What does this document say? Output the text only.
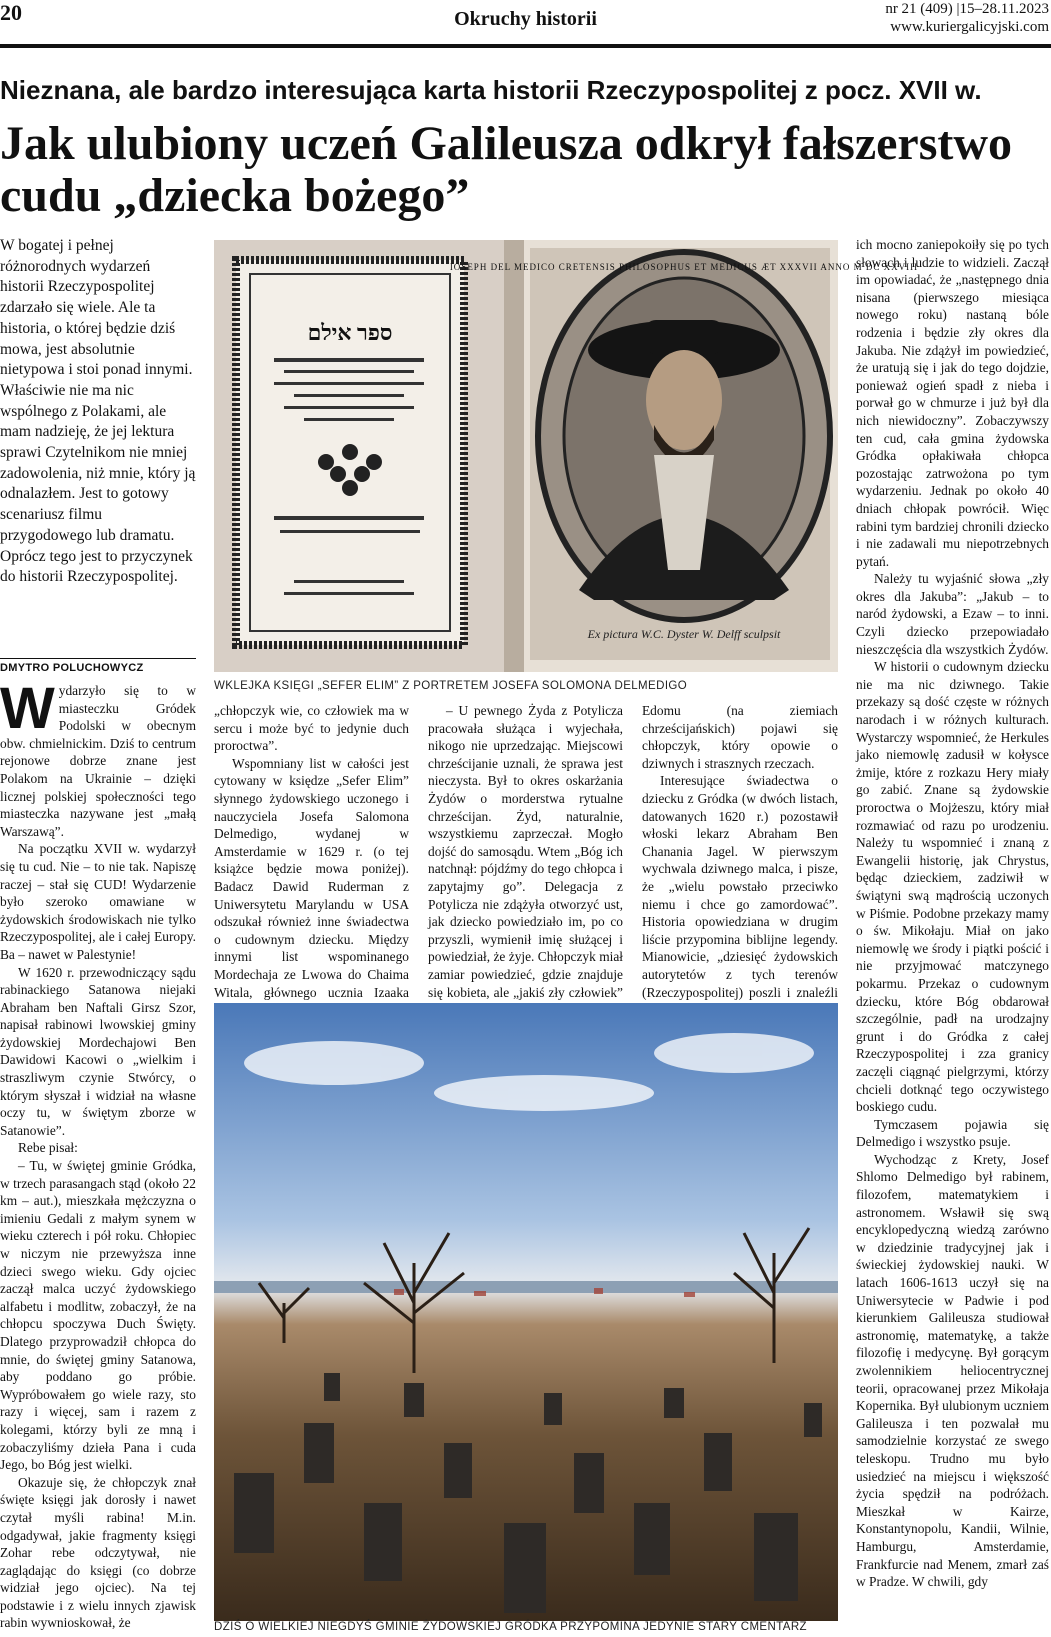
20	Okruchy historii	nr 21 (409) |15–28.11.2023
www.kuriergalicyjski.com
Nieznana, ale bardzo interesująca karta historii Rzeczypospolitej z pocz. XVII w.
Jak ulubiony uczeń Galileusza odkrył fałszerstwo cudu „dziecka bożego”
W bogatej i pełnej różnorodnych wydarzeń historii Rzeczypospolitej zdarzało się wiele. Ale ta historia, o której będzie dziś mowa, jest absolutnie nietypowa i stoi ponad innymi. Właściwie nie ma nic wspólnego z Polakami, ale mam nadzieję, że jej lektura sprawi Czytelnikom nie mniej zadowolenia, niż mnie, który ją odnalazłem. Jest to gotowy scenariusz filmu przygodowego lub dramatu. Oprócz tego jest to przyczynek do historii Rzeczypospolitej.
DMYTRO POLUCHOWYCZ

Wydarzyło się to w miasteczku Gródek Podolski w obecnym obw. chmielnickim. Dziś to centrum rejonowe dobrze znane jest Polakom na Ukrainie – dzięki licznej polskiej społeczności tego miasteczka nazywane jest „małą Warszawą”.

Na początku XVII w. wydarzył się tu cud. Nie – to nie tak. Napiszę raczej – stał się CUD! Wydarzenie było szeroko omawiane w żydowskich środowiskach nie tylko Rzeczypospolitej, ale i całej Europy. Ba – nawet w Palestynie!

W 1620 r. przewodniczący sądu rabinackiego Satanowa niejaki Abraham ben Naftali Girsz Szor, napisał rabinowi lwowskiej gminy żydowskiej Mordechajowi Ben Dawidowi Kacowi o „wielkim i straszliwym czynie Stwórcy, o którym słyszał i widział na własne oczy tu, w świętym zborze w Satanowie”.

Rebe pisał:

– Tu, w świętej gminie Gródka, w trzech parasangach stąd (około 22 km – aut.), mieszkała mężczyzna o imieniu Gedali z małym synem w wieku czterech i pół roku. Chłopiec w niczym nie przewyższa inne dzieci swego wieku. Gdy ojciec zaczął malca uczyć żydowskiego alfabetu i modlitw, zobaczył, że na chłopcu spoczywa Duch Święty. Dlatego przyprowadził chłopca do mnie, do świętej gminy Satanowa, aby poddano go próbie. Wypróbowałem go wiele razy, sto razy i więcej, sam i razem z kolegami, którzy byli ze mną i zobaczyliśmy dzieła Pana i cuda Jego, bo Bóg jest wielki.

Okazuje się, że chłopczyk znał święte księgi jak dorosły i nawet czytał myśli rabina! M.in. odgadywał, jakie fragmenty księgi Zohar rebe odczytywał, nie zaglądając do księgi (co dobrze widział jego ojciec). Na tej podstawie i z wielu innych zjawisk rabin wywnioskował, że

ספר אילם
Ex pictura W.C. Dyster W. Delff sculpsit
IOSEPH DEL MEDICO CRETENSIS PHILOSOPHUS ET MEDICUS ÆT XXXVII ANNO M DC XXVIII
WKLEJKA KSIĘGI „SEFER ELIM” Z PORTRETEM JOSEFA SOLOMONA DELMEDIGO

„chłopczyk wie, co człowiek ma w sercu i może być to jedynie duch proroctwa”.

Wspomniany list w całości jest cytowany w księdze „Sefer Elim” słynnego żydowskiego uczonego i nauczyciela Josefa Salomona Delmedigo, wydanej w Amsterdamie w 1629 r. (o tej książce będzie mowa poniżej). Badacz Dawid Ruderman z Uniwersytetu Marylandu w USA odszukał również inne świadectwa o cudownym dziecku. Między innymi list wspominanego Mordechaja ze Lwowa do Chaima Witala, głównego ucznia Izaaka

– U pewnego Żyda z Potylicza pracowała służąca i wyjechała, nikogo nie uprzedzając. Miejscowi chrześcijanie uznali, że sprawa jest nieczysta. Był to okres oskarżania Żydów o morderstwa rytualne chrześcijan. Żyd, naturalnie, wszystkiemu zaprzeczał. Mogło dojść do samosądu. Wtem „Bóg ich natchnął: pójdźmy do tego chłopca i zapytajmy go”. Delegacja z Potylicza nie zdążyła otworzyć ust, jak dziecko powiedziało im, po co przyszli, wymienił imię służącej i powiedział, że żyje. Chłopczyk miał zamiar powiedzieć, gdzie znajduje się kobieta, ale „jakiś zły człowiek”

Edomu (na ziemiach chrześcijańskich) pojawi się chłopczyk, który opowie o dziwnych i strasznych rzeczach.

Interesujące świadectwa o dziecku z Gródka (w dwóch listach, datowanych 1620 r.) pozostawił włoski lekarz Abraham Ben Chanania Jagel. W pierwszym wychwala dziwnego malca, i pisze, że „wielu powstało przeciwko niemu i chce go zamordować”. Historia opowiedziana w drugim liście przypomina biblijne legendy. Mianowicie, „dziesięć żydowskich autorytetów z tych terenów (Rzeczypospolitej) poszli i znaleźli

DZIŚ O WIELKIEJ NIEGDYŚ GMINIE ŻYDOWSKIEJ GRÓDKA PRZYPOMINA JEDYNIE STARY CMENTARZ

ich mocno zaniepokoiły się po tych słowach i ludzie to widzieli. Zaczął im opowiadać, że „następnego dnia nisana (pierwszego miesiąca nowego roku) nastaną bóle rodzenia i będzie zły okres dla Jakuba. Nie zdążył im powiedzieć, że uratują się i jak do tego dojdzie, ponieważ ogień spadł z nieba i porwał go w chmurze i już był dla nich niewidoczny”. Zobaczywszy ten cud, cała gmina żydowska Gródka opłakiwała chłopca pozostając zatrwożona po tym wydarzeniu. Jednak po około 40 dniach chłopak powrócił. Więc rabini tym bardziej chronili dziecko i nie zadawali mu niepotrzebnych pytań.

Należy tu wyjaśnić słowa „zły okres dla Jakuba”: „Jakub – to naród żydowski, a Ezaw – to inni. Czyli dziecko przepowiadało nieszczęścia dla wszystkich Żydów.

W historii o cudownym dziecku nie ma nic dziwnego. Takie przekazy są dość częste w różnych narodach i w różnych kulturach. Wystarczy wspomnieć, że Herkules jako niemowlę zadusił w kołysce żmije, które z rozkazu Hery miały go zabić. Znane są żydowskie proroctwa o Mojżeszu, który miał rozmawiać od razu po urodzeniu. Należy tu wspomnieć i znaną z Ewangelii historię, jak Chrystus, będąc dzieckiem, zadziwił w świątyni swą mądrością uczonych w Piśmie. Podobne przekazy mamy o św. Mikołaju. Miał on jako niemowlę we środy i piątki pościć i nie przyjmować matczynego pokarmu. Przekaz o cudownym dziecku, które Bóg obdarował szczególnie, padł na urodzajny grunt i do Gródka z całej Rzeczypospolitej i zza granicy zaczęli ciągnąć pielgrzymi, którzy chcieli dotknąć tego oczywistego boskiego cudu.

Tymczasem pojawia się Delmedigo i wszystko psuje.

Wychodząc z Krety, Josef Shlomo Delmedigo był rabinem, filozofem, matematykiem i astronomem. Wsławił się swą encyklopedyczną wiedzą zarówno w dziedzinie tradycyjnej jak i świeckiej żydowskiej nauki. W latach 1606-1613 uczył się na Uniwersytecie w Padwie i pod kierunkiem Galileusza studiował astronomię, matematykę, a także filozofię i medycynę. Był gorącym zwolennikiem heliocentrycznej teorii, opracowanej przez Mikołaja Kopernika. Był ulubionym uczniem Galileusza i ten pozwalał mu samodzielnie korzystać ze swego teleskopu. Trudno mu było usiedzieć na miejscu i większość życia spędził na podróżach. Mieszkał w Kairze, Konstantynopolu, Kandii, Wilnie, Hamburgu, Amsterdamie, Frankfurcie nad Menem, zmarł zaś w Pradze. W chwili, gdy
